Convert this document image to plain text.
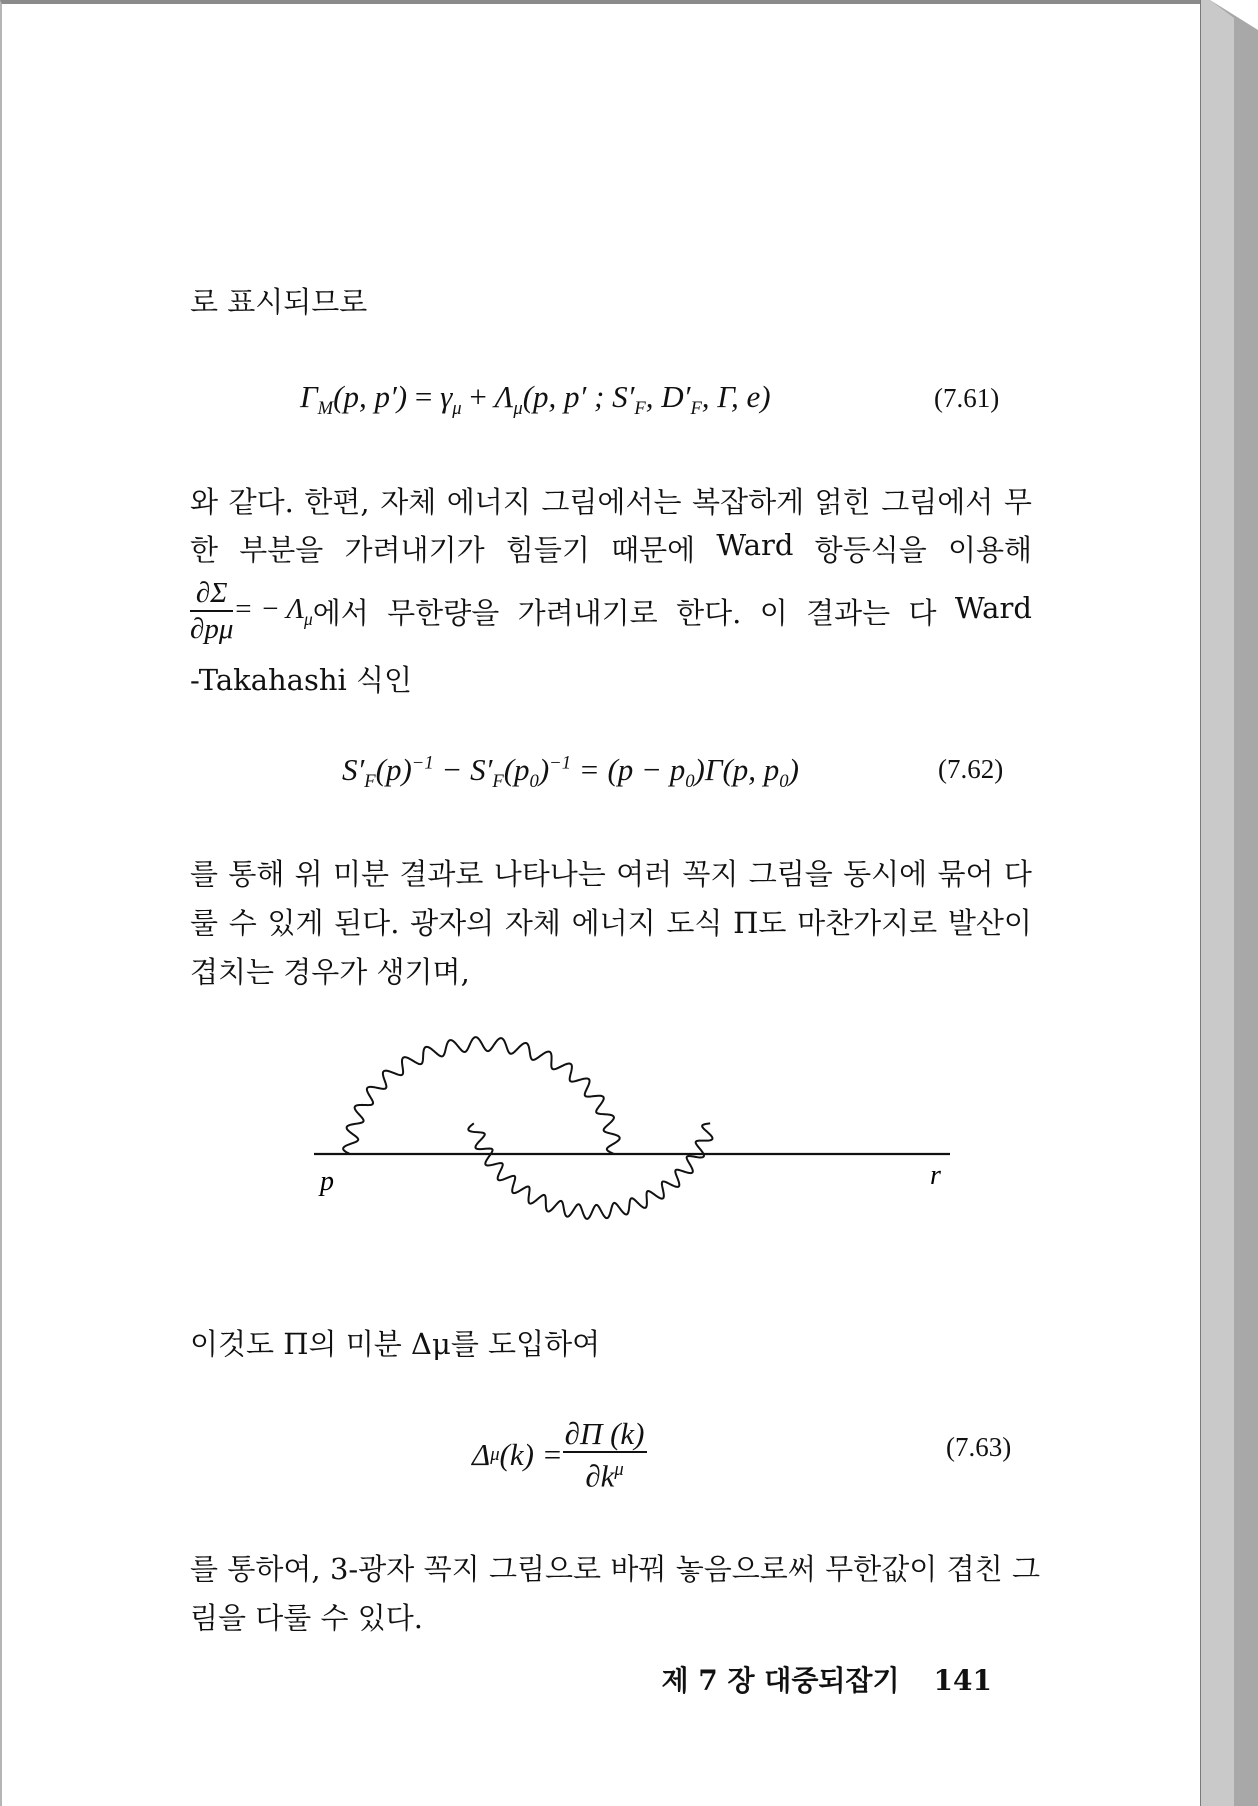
로 표시되므로
$\Gamma_M(p$, $p') = \gamma_\mu + \Lambda_\mu(p$, p′ ; $S'_F$, $D'_F$, Γ, e)	(7.61)
와 같다. 한편, 자체 에너지 그림에서는 복잡하게 얽힌 그림에서 무
한 부분을 가려내기가 힘들기 때문에 Ward 항등식을 이용해
$\frac{\partial\Sigma}{\partial p\mu}$ = − $\Lambda_\mu$ 에서 무한량을 가려내기로 한다. 이 결과는 다 Ward
-Takahashi 식인
$S'_F(p)^{-1} - S'_F(p_0)^{-1} = (p - p_0)\Gamma(p$, $p_0$)	(7.62)
를 통해 위 미분 결과로 나타나는 여러 꼭지 그림을 동시에 묶어 다
룰 수 있게 된다. 광자의 자체 에너지 도식 Π도 마찬가지로 발산이
겹치는 경우가 생기며,
p	r
이것도 Π의 미분 Δμ를 도입하여
Δ μ $(k) = \frac{\partial\Pi (k)}{\partial k^\mu}$	(7.63)
를 통하여, 3-광자 꼭지 그림으로 바꿔 놓음으로써 무한값이 겹친 그
림을 다룰 수 있다.
제 7 장 대중되잡기 141
